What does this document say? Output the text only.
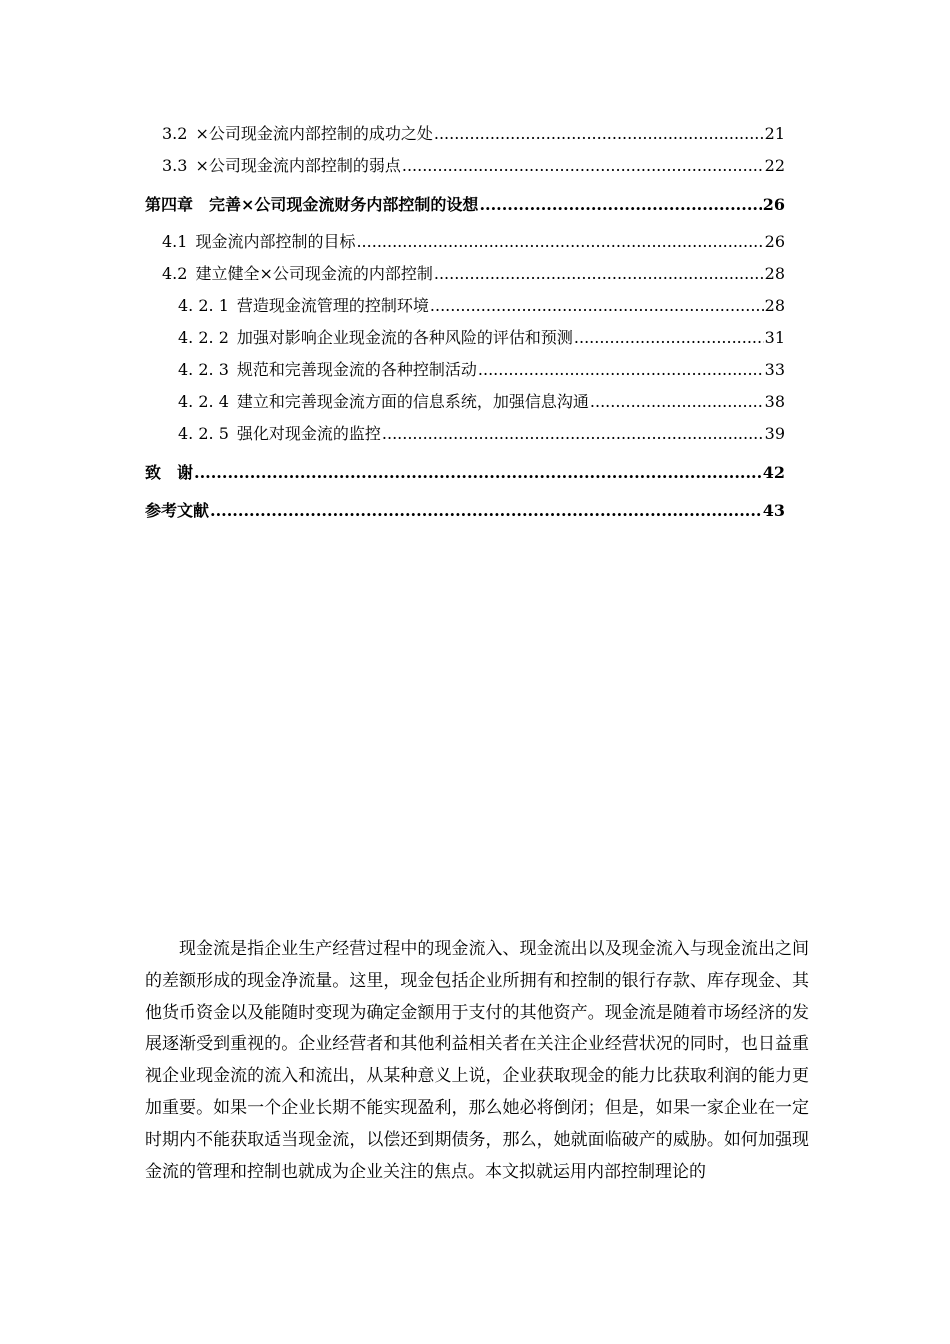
3.2 ×公司现金流内部控制的成功之处 .....	21
3.3 ×公司现金流内部控制的弱点 .....	22
第四章 完善×公司现金流财务内部控制的设想 .....	26
4.1 现金流内部控制的目标 .....	26
4.2 建立健全×公司现金流的内部控制 .....	28
4. 2. 1 营造现金流管理的控制环境 .....	28
4. 2. 2 加强对影响企业现金流的各种风险的评估和预测 .....	31
4. 2. 3 规范和完善现金流的各种控制活动 .....	33
4. 2. 4 建立和完善现金流方面的信息系统，加强信息沟通 .....	38
4. 2. 5 强化对现金流的监控 .....	39
致　谢 .....	42
参考文献 .....	43

现金流是指企业生产经营过程中的现金流入、现金流出以及现金流入与现金流出之间的差额形成的现金净流量。这里，现金包括企业所拥有和控制的银行存款、库存现金、其他货币资金以及能随时变现为确定金额用于支付的其他资产。现金流是随着市场经济的发展逐渐受到重视的。企业经营者和其他利益相关者在关注企业经营状况的同时，也日益重视企业现金流的流入和流出，从某种意义上说，企业获取现金的能力比获取利润的能力更加重要。如果一个企业长期不能实现盈利，那么她必将倒闭；但是，如果一家企业在一定时期内不能获取适当现金流，以偿还到期债务，那么，她就面临破产的威胁。如何加强现金流的管理和控制也就成为企业关注的焦点。本文拟就运用内部控制理论的
